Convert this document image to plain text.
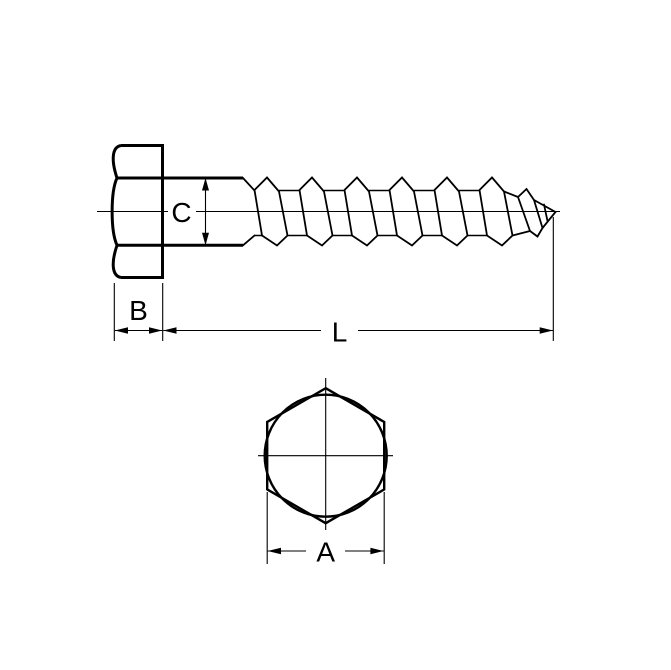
C
B
L
A
